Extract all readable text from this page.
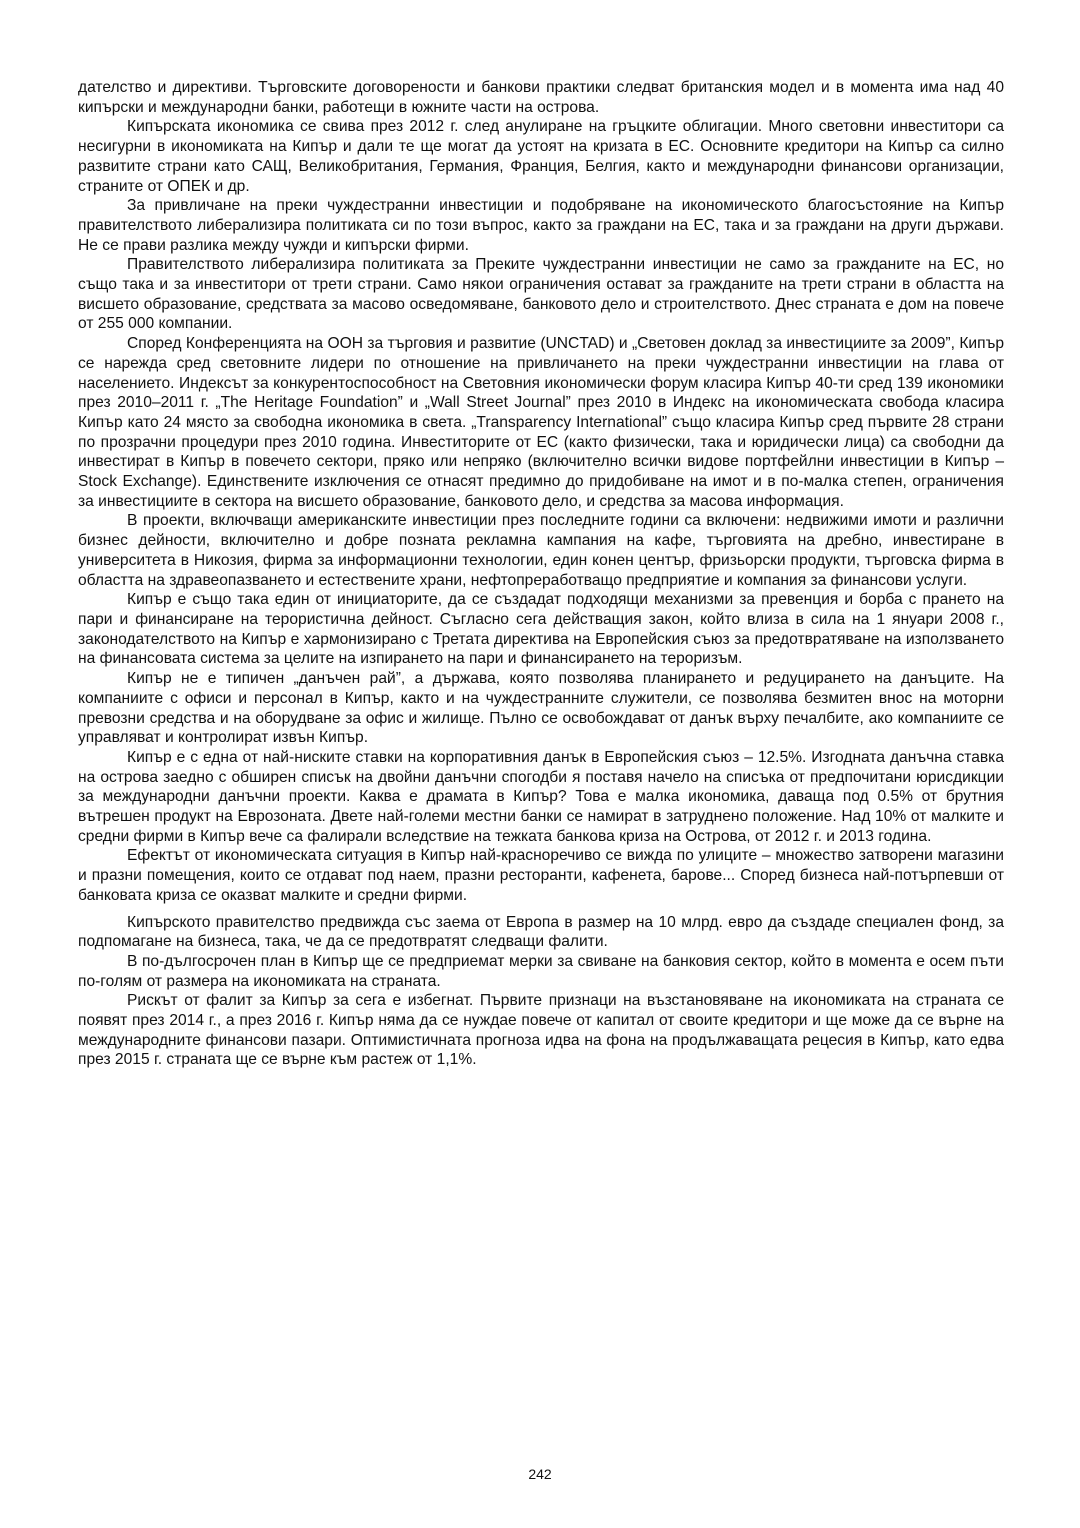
дателство и директиви. Търговските договорености и банкови практики следват британския модел и в момента има над 40 кипърски и международни банки, работещи в южните части на острова.

Кипърската икономика се свива през 2012 г. след анулиране на гръцките облигации. Много световни инвеститори са несигурни в икономиката на Кипър и дали те ще могат да устоят на кризата в ЕС. Основните кредитори на Кипър са силно развитите страни като САЩ, Великобритания, Германия, Франция, Белгия, както и международни финансови организации, страните от ОПЕК и др.

За привличане на преки чуждестранни инвестиции и подобряване на икономическото благосъстояние на Кипър правителството либерализира политиката си по този въпрос, както за граждани на ЕС, така и за граждани на други държави. Не се прави разлика между чужди и кипърски фирми.

Правителството либерализира политиката за Преките чуждестранни инвестиции не само за гражданите на ЕС, но също така и за инвеститори от трети страни. Само някои ограничения остават за гражданите на трети страни в областта на висшето образование, средствата за масово осведомяване, банковото дело и строителството. Днес страната е дом на повече от 255 000 компании.

Според Конференцията на ООН за търговия и развитие (UNCTAD) и „Световен доклад за инвестициите за 2009”, Кипър се нарежда сред световните лидери по отношение на привличането на преки чуждестранни инвестиции на глава от населението. Индексът за конкурентоспособност на Световния икономически форум класира Кипър 40-ти сред 139 икономики през 2010–2011 г. „The Heritage Foundation” и „Wall Street Journal” през 2010 в Индекс на икономическата свобода класира Кипър като 24 място за свободна икономика в света. „Transparency International” също класира Кипър сред първите 28 страни по прозрачни процедури през 2010 година. Инвеститорите от ЕС (както физически, така и юридически лица) са свободни да инвестират в Кипър в повечето сектори, пряко или непряко (включително всички видове портфейлни инвестиции в Кипър – Stock Exchange). Единствените изключения се отнасят предимно до придобиване на имот и в по-малка степен, ограничения за инвестициите в сектора на висшето образование, банковото дело, и средства за масова информация.

В проекти, включващи американските инвестиции през последните години са включени: недвижими имоти и различни бизнес дейности, включително и добре позната рекламна кампания на кафе, търговията на дребно, инвестиране в университета в Никозия, фирма за информационни технологии, един конен център, фризьорски продукти, търговска фирма в областта на здравеопазването и естествените храни, нефтопреработващо предприятие и компания за финансови услуги.

Кипър е също така един от инициаторите, да се създадат подходящи механизми за превенция и борба с прането на пари и финансиране на терористична дейност. Съгласно сега действащия закон, който влиза в сила на 1 януари 2008 г., законодателството на Кипър е хармонизирано с Третата директива на Европейския съюз за предотвратяване на използването на финансовата система за целите на изпирането на пари и финансирането на тероризъм.

Кипър не е типичен „данъчен рай”, а държава, която позволява планирането и редуцирането на данъците. На компаниите с офиси и персонал в Кипър, както и на чуждестранните служители, се позволява безмитен внос на моторни превозни средства и на оборудване за офис и жилище. Пълно се освобождават от данък върху печалбите, ако компаниите се управляват и контролират извън Кипър.

Кипър е с една от най-ниските ставки на корпоративния данък в Европейския съюз – 12.5%. Изгодната данъчна ставка на острова заедно с обширен списък на двойни данъчни спогодби я поставя начело на списъка от предпочитани юрисдикции за международни данъчни проекти. Каква е драмата в Кипър? Това е малка икономика, даваща под 0.5% от брутния вътрешен продукт на Еврозоната. Двете най-големи местни банки се намират в затруднено положение. Над 10% от малките и средни фирми в Кипър вече са фалирали вследствие на тежката банкова криза на Острова, от 2012 г. и 2013 година.

Ефектът от икономическата ситуация в Кипър най-красноречиво се вижда по улиците – множество затворени магазини и празни помещения, които се отдават под наем, празни ресторанти, кафенета, барове... Според бизнеса най-потърпевши от банковата криза се оказват малките и средни фирми.

Кипърското правителство предвижда със заема от Европа в размер на 10 млрд. евро да създаде специален фонд, за подпомагане на бизнеса, така, че да се предотвратят следващи фалити.

В по-дългосрочен план в Кипър ще се предприемат мерки за свиване на банковия сектор, който в момента е осем пъти по-голям от размера на икономиката на страната.

Рискът от фалит за Кипър за сега е избегнат. Първите признаци на възстановяване на икономиката на страната се появят през 2014 г., а през 2016 г. Кипър няма да се нуждае повече от капитал от своите кредитори и ще може да се върне на международните финансови пазари. Оптимистичната прогноза идва на фона на продължаващата рецесия в Кипър, като едва през 2015 г. страната ще се върне към растеж от 1,1%.

242
